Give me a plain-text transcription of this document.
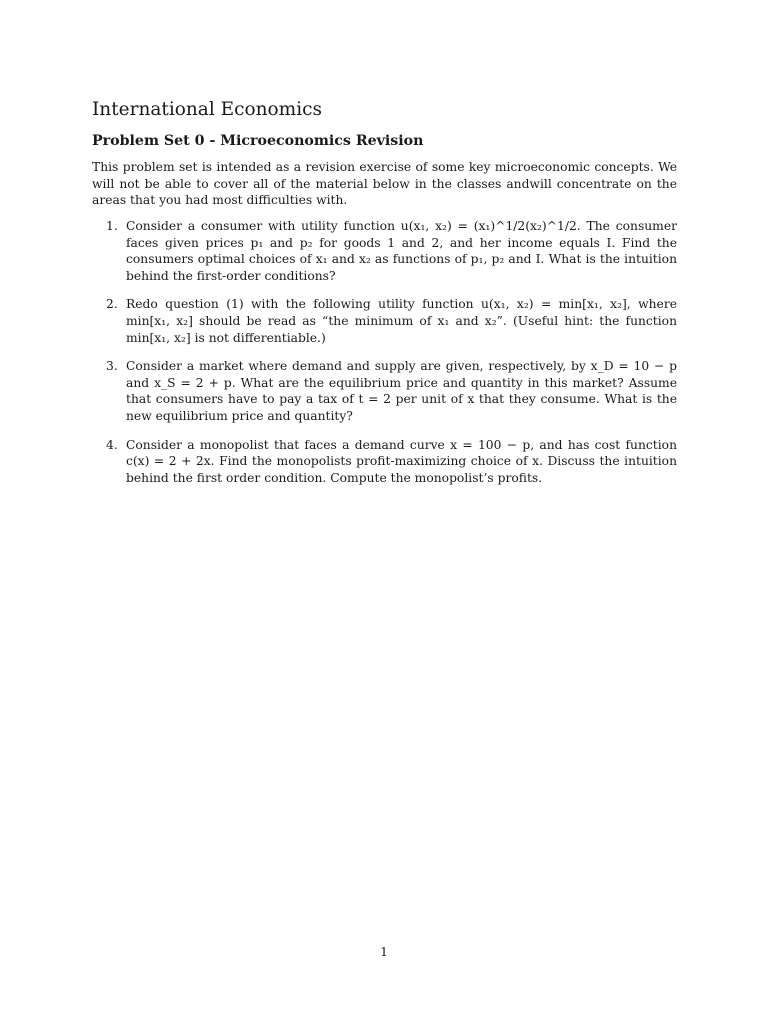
International Economics
Problem Set 0 - Microeconomics Revision

This problem set is intended as a revision exercise of some key microeconomic concepts. We will not be able to cover all of the material below in the classes andwill concentrate on the areas that you had most difficulties with.

1. Consider a consumer with utility function u(x₁, x₂) = (x₁)^1/2(x₂)^1/2. The consumer faces given prices p₁ and p₂ for goods 1 and 2, and her income equals I. Find the consumers optimal choices of x₁ and x₂ as functions of p₁, p₂ and I. What is the intuition behind the first-order conditions?
2. Redo question (1) with the following utility function u(x₁, x₂) = min[x₁, x₂], where min[x₁, x₂] should be read as “the minimum of x₁ and x₂”. (Useful hint: the function min[x₁, x₂] is not differentiable.)
3. Consider a market where demand and supply are given, respectively, by x_D = 10 − p and x_S = 2 + p. What are the equilibrium price and quantity in this market? Assume that consumers have to pay a tax of t = 2 per unit of x that they consume. What is the new equilibrium price and quantity?
4. Consider a monopolist that faces a demand curve x = 100 − p, and has cost function c(x) = 2 + 2x. Find the monopolists profit-maximizing choice of x. Discuss the intuition behind the first order condition. Compute the monopolist’s profits.
1
